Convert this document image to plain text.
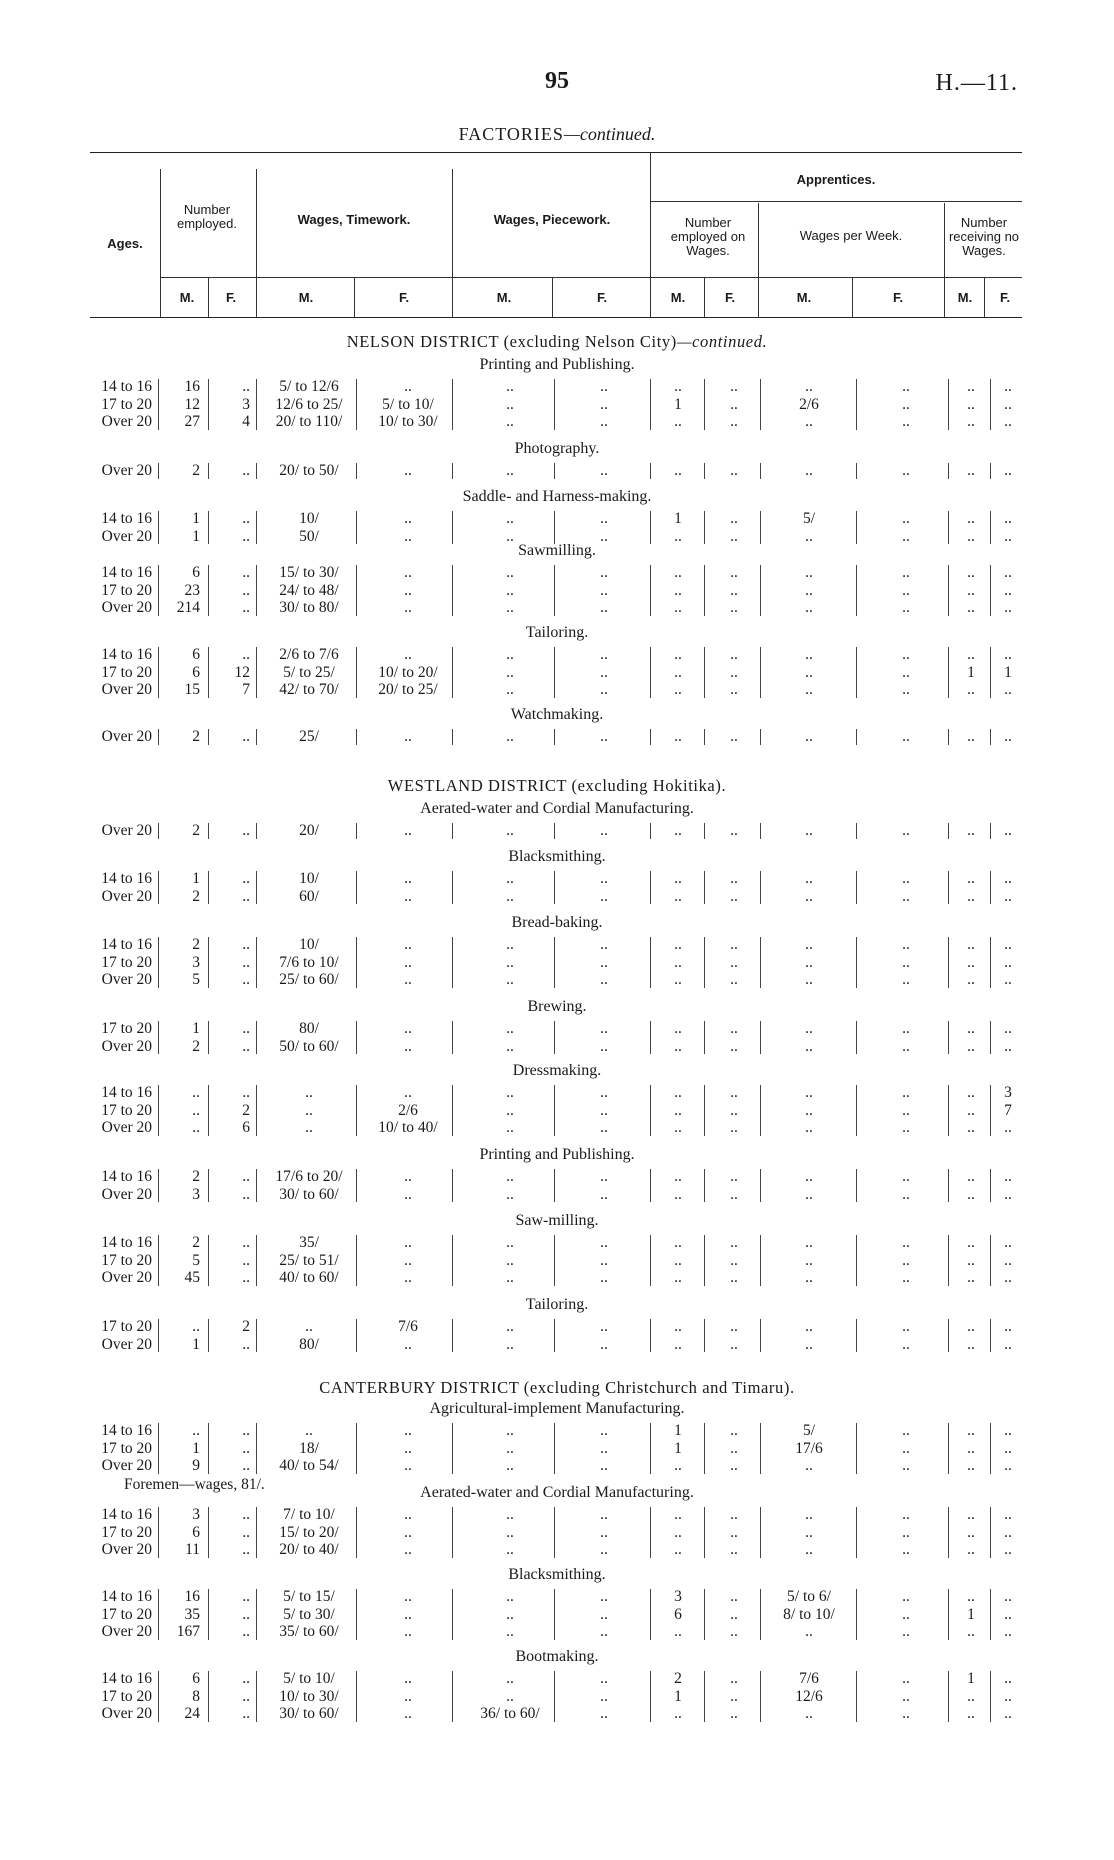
95	H.—11.
FACTORIES—continued.
Ages.
Number employed.	Wages, Timework.	Wages, Piecework.
Apprentices.
Number employed on Wages.
Wages per Week.
Number receiving no Wages.
M.	F.	M.	F.	M.	F.	M.	F.	M.	F.	M.	F.
NELSON DISTRICT (excluding Nelson City)—continued.
Printing and Publishing.
14 to 16	16	..	5/ to 12/6	..	..	..	..	..	..	..	..	..
17 to 20	12	3	12/6 to 25/	5/ to 10/	..	..	1	..	2/6	..	..	..
Over 20	27	4	20/ to 110/	10/ to 30/	..	..	..	..	..	..	..	..
Photography.
Over 20	2	..	20/ to 50/	..	..	..	..	..	..	..	..	..
Saddle- and Harness-making.
14 to 16	1	..	10/	..	..	..	1	..	5/	..	..	..
Over 20	1	..	50/	..	..	..	..	..	..	..	..	..
Sawmilling.
14 to 16	6	..	15/ to 30/	..	..	..	..	..	..	..	..	..
17 to 20	23	..	24/ to 48/	..	..	..	..	..	..	..	..	..
Over 20	214	..	30/ to 80/	..	..	..	..	..	..	..	..	..
Tailoring.
14 to 16	6	..	2/6 to 7/6	..	..	..	..	..	..	..	..	..
17 to 20	6	12	5/ to 25/	10/ to 20/	..	..	..	..	..	..	1	1
Over 20	15	7	42/ to 70/	20/ to 25/	..	..	..	..	..	..	..	..
Watchmaking.
Over 20	2	..	25/	..	..	..	..	..	..	..	..	..
WESTLAND DISTRICT (excluding Hokitika).
Aerated-water and Cordial Manufacturing.
Over 20	2	..	20/	..	..	..	..	..	..	..	..	..
Blacksmithing.
14 to 16	1	..	10/	..	..	..	..	..	..	..	..	..
Over 20	2	..	60/	..	..	..	..	..	..	..	..	..
Bread-baking.
14 to 16	2	..	10/	..	..	..	..	..	..	..	..	..
17 to 20	3	..	7/6 to 10/	..	..	..	..	..	..	..	..	..
Over 20	5	..	25/ to 60/	..	..	..	..	..	..	..	..	..
Brewing.
17 to 20	1	..	80/	..	..	..	..	..	..	..	..	..
Over 20	2	..	50/ to 60/	..	..	..	..	..	..	..	..	..
Dressmaking.
14 to 16	..	..	..	..	..	..	..	..	..	..	..	3
17 to 20	..	2	..	2/6	..	..	..	..	..	..	..	7
Over 20	..	6	..	10/ to 40/	..	..	..	..	..	..	..	..
Printing and Publishing.
14 to 16	2	..	17/6 to 20/	..	..	..	..	..	..	..	..	..
Over 20	3	..	30/ to 60/	..	..	..	..	..	..	..	..	..
Saw-milling.
14 to 16	2	..	35/	..	..	..	..	..	..	..	..	..
17 to 20	5	..	25/ to 51/	..	..	..	..	..	..	..	..	..
Over 20	45	..	40/ to 60/	..	..	..	..	..	..	..	..	..
Tailoring.
17 to 20	..	2	..	7/6	..	..	..	..	..	..	..	..
Over 20	1	..	80/	..	..	..	..	..	..	..	..	..
CANTERBURY DISTRICT (excluding Christchurch and Timaru).
Agricultural-implement Manufacturing.
14 to 16	..	..	..	..	..	..	1	..	5/	..	..	..
17 to 20	1	..	18/	..	..	..	1	..	17/6	..	..	..
Over 20	9	..	40/ to 54/	..	..	..	..	..	..	..	..	..
Foremen—wages, 81/.	Aerated-water and Cordial Manufacturing.
14 to 16	3	..	7/ to 10/	..	..	..	..	..	..	..	..	..
17 to 20	6	..	15/ to 20/	..	..	..	..	..	..	..	..	..
Over 20	11	..	20/ to 40/	..	..	..	..	..	..	..	..	..
Blacksmithing.
14 to 16	16	..	5/ to 15/	..	..	..	3	..	5/ to 6/	..	..	..
17 to 20	35	..	5/ to 30/	..	..	..	6	..	8/ to 10/	..	1	..
Over 20	167	..	35/ to 60/	..	..	..	..	..	..	..	..	..
Bootmaking.
14 to 16	6	..	5/ to 10/	..	..	..	2	..	7/6	..	1	..
17 to 20	8	..	10/ to 30/	..	..	..	1	..	12/6	..	..	..
Over 20	24	..	30/ to 60/	..	36/ to 60/	..	..	..	..	..	..	..
